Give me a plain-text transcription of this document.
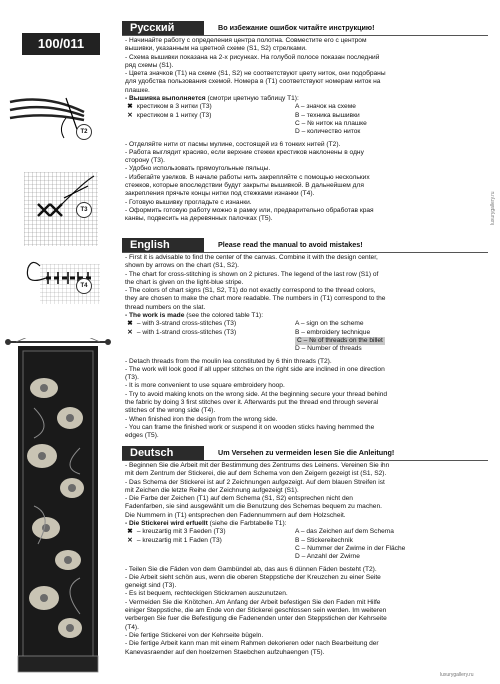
100/011
T2
T3
T4
Русский	Во избежание ошибок читайте инструкцию!
- Начинайте работу с определения центра полотна. Совместите его с центром
вышивки, указанным на цветной схеме (S1, S2) стрелками.
- Схема вышивки показана на 2-х рисунках. На голубой полосе показан последний
ряд схемы (S1).
- Цвета значков (T1) на схеме (S1, S2) не соответствуют цвету ниток, они подобраны
для удобства пользования схемой. Номера в (T1) соответствуют номерам ниток на
плашке.
- Вышивка выполняется (смотри цветную таблицу T1):
✖ крестиком в 3 нитки (T3)	A – значок на схеме
✕ крестиком в 1 нитку (T3)	B – техника вышивки
C – № ниток на плашке
D – количество ниток
- Отделяйте нити от пасмы мулине, состоящей из 6 тонких нитей (T2).
- Работа выглядит красиво, если верхние стежки крестиков наклонены в одну
сторону (T3).
- Удобно использовать прямоугольные пяльцы.
- Избегайте узелков. В начале работы нить закрепляйте с помощью нескольких
стежков, которые впоследствии будут закрыты вышивкой. В дальнейшем для
закрепления прячьте концы нитки под стежками изнанки (T4).
- Готовую вышивку прогладьте с изнанки.
- Оформить готовую работу можно в рамку или, предварительно обработав края
канвы, подвесить на деревянных палочках (T5).
English	Please read the manual to avoid mistakes!
- First it is advisable to find the center of the canvas. Combine it with the design center,
shown by arrows on the chart (S1, S2).
- The chart for cross-stitching is shown on 2 pictures. The legend of the last row (S1) of
the chart is given on the light-blue stripe.
- The colors of chart signs (S1, S2, T1) do not exactly correspond to the thread colors,
they are chosen to make the chart more readable. The numbers in (T1) correspond to the
thread numbers on the slat.
- The work is made (see the colored table T1):
✖ – with 3-strand cross-stitches (T3)	A – sign on the scheme
✕ – with 1-strand cross-stitches (T3)	B – embroidery technique
C – № of threads on the billet
D – Number of threads
- Detach threads from the moulin lea constituted by 6 thin threads (T2).
- The work will look good if all upper stitches on the right side are inclined in one direction
(T3).
- It is more convenient to use square embroidery hoop.
- Try to avoid making knots on the wrong side. At the beginning secure your thread behind
the fabric by doing 3 first stitches over it. Afterwards put the thread end through several
stitches of the wrong side (T4).
- When finished iron the design from the wrong side.
- You can frame the finished work or suspend it on wooden sticks having hemmed the
edges (T5).
Deutsch	Um Versehen zu vermeiden lesen Sie die Anleitung!
- Beginnen Sie die Arbeit mit der Bestimmung des Zentrums des Leinens. Vereinen Sie ihn
mit dem Zentrum der Stickerei, die auf dem Schema von den Zeigern gezeigt ist (S1, S2).
- Das Schema der Stickerei ist auf 2 Zeichnungen aufgezeigt. Auf dem blauen Streifen ist
mit Zeichen die letzte Reihe der Zeichnung aufgezeigt (S1).
- Die Farbe der Zeichen (T1) auf dem Schema (S1, S2) entsprechen nicht den
Fadenfarben, sie sind ausgewählt um die Benutzung des Schemas bequem zu machen.
Die Nummern in (T1) entsprechen den Fadennummern auf dem Holzscheit.
- Die Stickerei wird erfuellt (siehe die Farbtabelle T1):
✖ – kreuzartig mit 3 Faeden (T3)	A – das Zeichen auf dem Schema
✕ – kreuzartig mit 1 Faden (T3)	B – Stickereitechnik
C – Nummer der Zwirne in der Fläche
D – Anzahl der Zwirne
- Teilen Sie die Fäden von dem Gambündel ab, das aus 6 dünnen Fäden besteht (T2).
- Die Arbeit sieht schön aus, wenn die oberen Steppstiche der Kreuzchen zu einer Seite
geneigt sind (T3).
- Es ist bequem, rechteckigen Stickramen auszunutzen.
- Vermeiden Sie die Knötchen. Am Anfang der Arbeit befestigen Sie den Faden mit Hilfe
einiger Steppstiche, die am Ende von der Stickerei geschlossen sein werden. Im weiteren
verbergen Sie fuer die Befestigung die Fadenenden unter den Steppstichen der Kehrseite
(T4).
- Die fertige Stickerei von der Kehrseite bügeln.
- Die fertige Arbeit kann man mit einem Rahmen dekorieren oder nach Bearbeitung der
Kanevasraender auf den hoelzernen Staebchen aufzuhaengen (T5).
luxurygallery.ru
luxurygallery.ru
